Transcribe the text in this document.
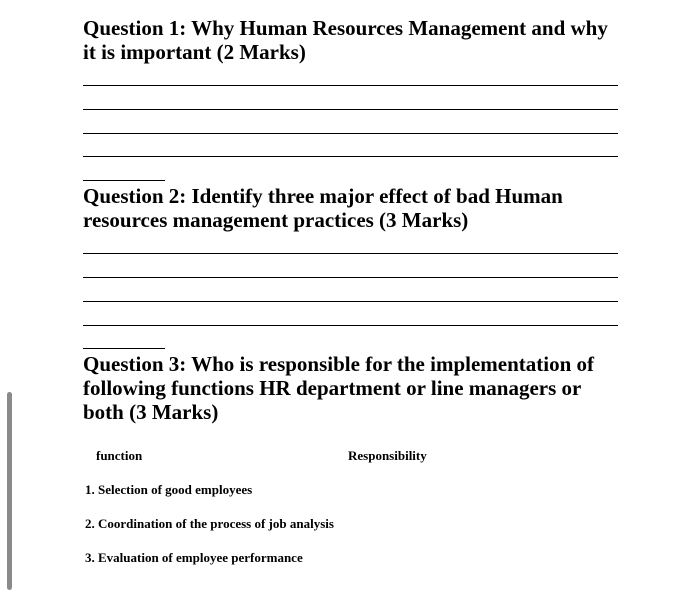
Question 1: Why Human Resources Management and why it is important (2 Marks)
Question 2: Identify three major effect of bad Human resources management practices (3 Marks)
Question 3: Who is responsible for the implementation of following functions HR department or line managers or both (3 Marks)
function	Responsibility
1. Selection of good employees
2. Coordination of the process of job analysis
3. Evaluation of employee performance
